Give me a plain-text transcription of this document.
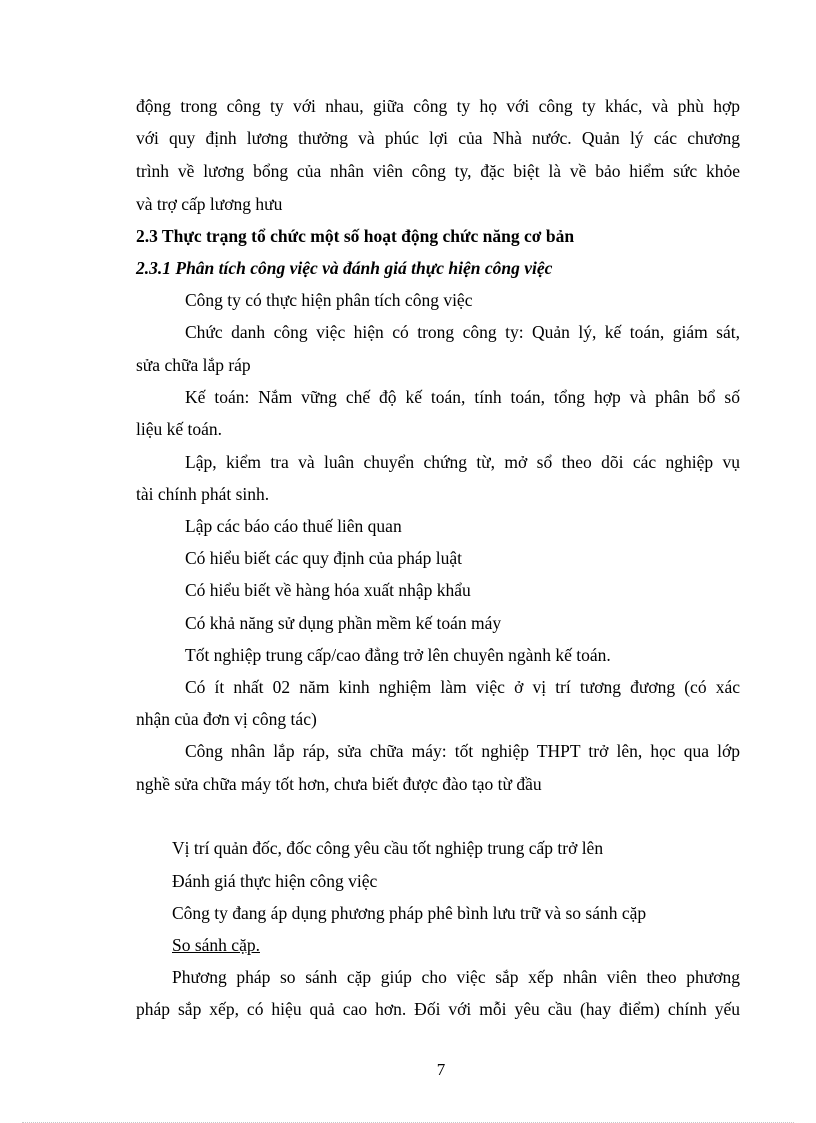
động trong công ty với nhau, giữa công ty họ với công ty khác, và phù hợp
với quy định lương thưởng và phúc lợi của Nhà nước. Quản lý các chương
trình về lương bổng của nhân viên công ty, đặc biệt là về bảo hiểm sức khỏe
và trợ cấp lương hưu
2.3 Thực trạng tổ chức một số hoạt động chức năng cơ bản
2.3.1 Phân tích công việc và đánh giá thực hiện công việc
Công ty có thực hiện phân tích công việc
Chức danh công việc hiện có trong công ty: Quản lý, kế toán, giám sát,
sửa chữa lắp ráp
Kế toán: Nắm vững chế độ kế toán, tính toán, tổng hợp và phân bổ số
liệu kế toán.
Lập, kiểm tra và luân chuyển chứng từ, mở sổ theo dõi các nghiệp vụ
tài chính phát sinh.
Lập các báo cáo thuế liên quan
Có hiểu biết các quy định của pháp luật
Có hiểu biết về hàng hóa xuất nhập khẩu
Có khả năng sử dụng phần mềm kế toán máy
Tốt nghiệp trung cấp/cao đẳng trở lên chuyên ngành kế toán.
Có ít nhất 02 năm kinh nghiệm làm việc ở vị trí tương đương (có xác
nhận của đơn vị công tác)
Công nhân lắp ráp, sửa chữa máy: tốt nghiệp THPT trở lên, học qua lớp
nghề sửa chữa máy tốt hơn, chưa biết được đào tạo từ đầu
Vị trí quản đốc, đốc công yêu cầu tốt nghiệp trung cấp trở lên
Đánh giá thực hiện công việc
Công ty đang áp dụng phương pháp phê bình lưu trữ và so sánh cặp
So sánh cặp.
Phương pháp so sánh cặp giúp cho việc sắp xếp nhân viên theo phương
pháp sắp xếp, có hiệu quả cao hơn. Đối với mỗi yêu cầu (hay điểm) chính yếu
7
